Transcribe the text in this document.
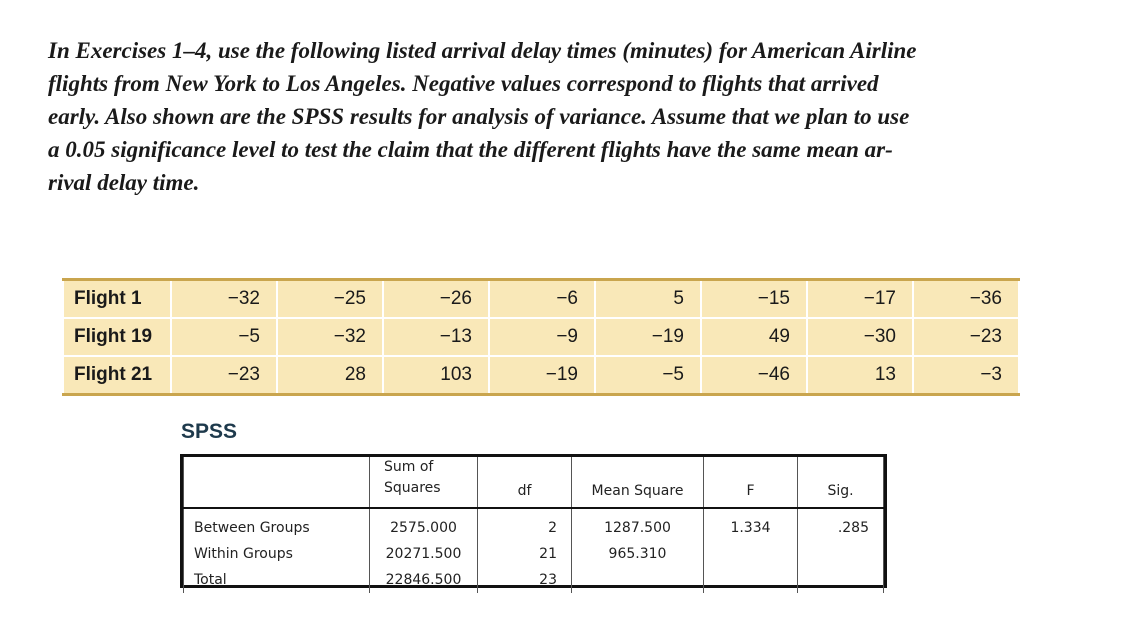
In Exercises 1–4, use the following listed arrival delay times (minutes) for American Airline
flights from New York to Los Angeles. Negative values correspond to flights that arrived
early. Also shown are the SPSS results for analysis of variance. Assume that we plan to use
a 0.05 significance level to test the claim that the different flights have the same mean ar-
rival delay time.

Flight 1	−32	−25	−26	−6	5	−15	−17	−36
Flight 19	−5	−32	−13	−9	−19	49	−30	−23
Flight 21	−23	28	103	−19	−5	−46	13	−3
SPSS
	Sum of
Squares	df	Mean Square	F	Sig.
Between Groups	2575.000	2	1287.500	1.334	.285
Within Groups	20271.500	21	965.310		
Total	22846.500	23			
